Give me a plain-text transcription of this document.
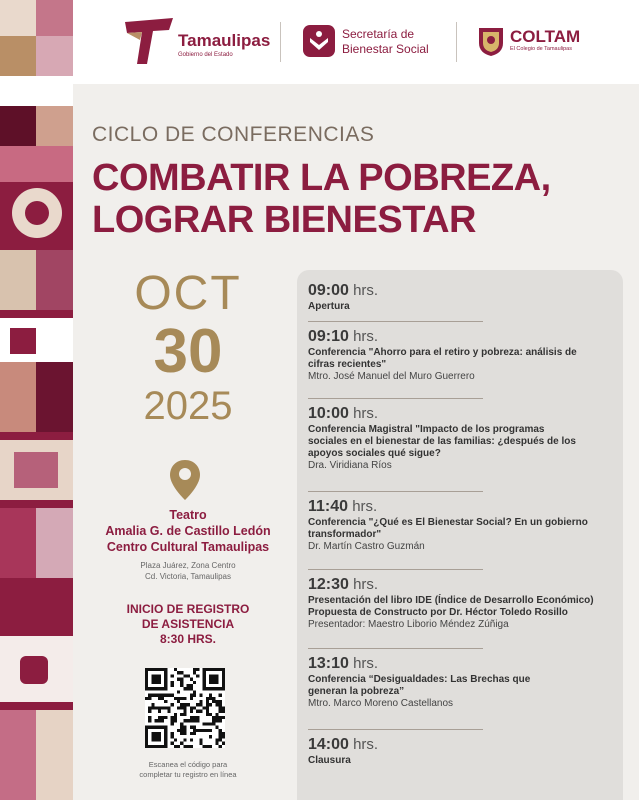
Tamaulipas
Gobierno del Estado
Secretaría de
Bienestar Social
COLTAM
El Colegio de Tamaulipas
CICLO DE CONFERENCIAS
COMBATIR LA POBREZA,
LOGRAR BIENESTAR
OCT
30
2025
Teatro
Amalia G. de Castillo Ledón
Centro Cultural Tamaulipas
Plaza Juárez, Zona Centro
Cd. Victoria, Tamaulipas
INICIO DE REGISTRO
DE ASISTENCIA
8:30 HRS.
Escanea el código para
completar tu registro en línea
09:00 hrs.
Apertura
09:10 hrs.
Conferencia "Ahorro para el retiro y pobreza: análisis de
cifras recientes"
Mtro. José Manuel del Muro Guerrero
10:00 hrs.
Conferencia Magistral "Impacto de los programas
sociales en el bienestar de las familias: ¿después de los
apoyos sociales qué sigue?
Dra. Viridiana Ríos
11:40 hrs.
Conferencia "¿Qué es El Bienestar Social? En un gobierno
transformador"
Dr. Martín Castro Guzmán
12:30 hrs.
Presentación del libro IDE (Índice de Desarrollo Económico)
Propuesta de Constructo por Dr. Héctor Toledo Rosillo
Presentador: Maestro Liborio Méndez Zúñiga
13:10 hrs.
Conferencia “Desigualdades: Las Brechas que
generan la pobreza”
Mtro. Marco Moreno Castellanos
14:00 hrs.
Clausura
